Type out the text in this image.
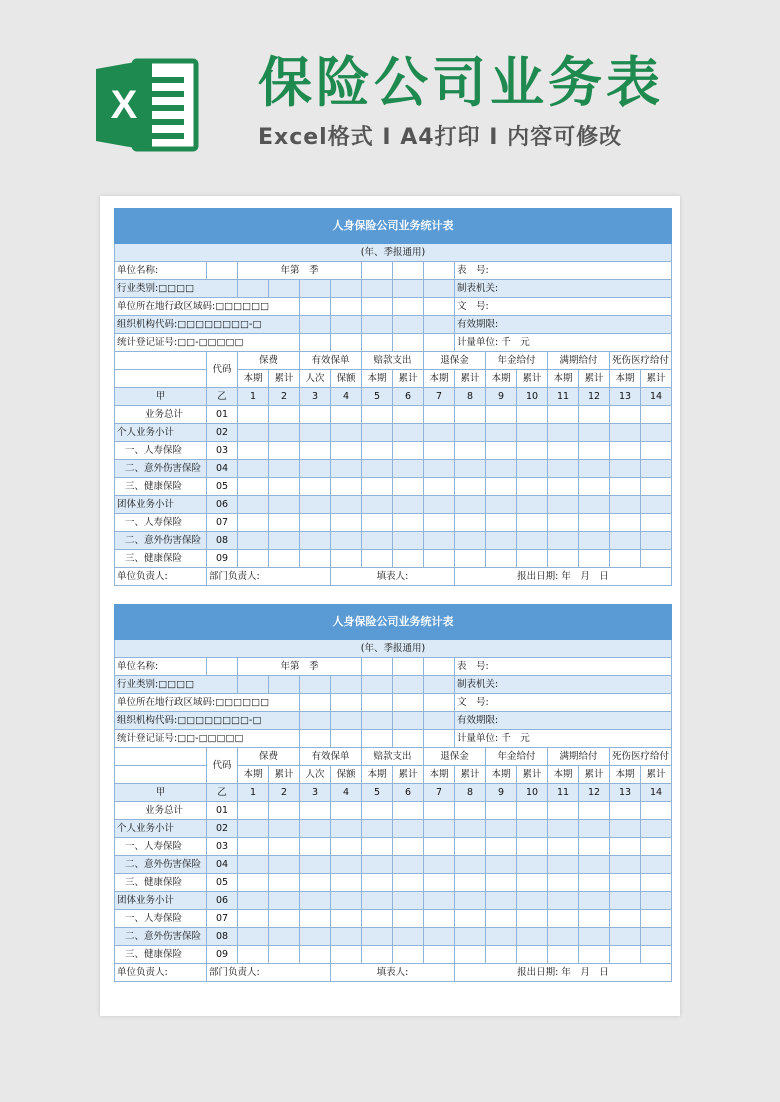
X 保险公司业务表
Excel格式 I A4打印 I 内容可修改
人身保险公司业务统计表															
(年、季报通用)															
单位名称:		年第　季							表　号:						
行业类别:□□□□									制表机关:						
单位所在地行政区域码:□□□□□□									文　号:						
组织机构代码:□□□□□□□□-□									有效期限:						
统计登记证号:□□-□□□□□									计量单位: 千　元						
	代码	保费		有效保单		赔款支出		退保金		年金给付		满期给付		死伤医疗给付	
		本期	累计	人次	保额	本期	累计	本期	累计	本期	累计	本期	累计	本期	累计
甲	乙	1	2	3	4	5	6	7	8	9	10	11	12	13	14
业务总计	01														
个人业务小计	02														
一、人寿保险	03														
二、意外伤害保险	04														
三、健康保险	05														
团体业务小计	06														
一、人寿保险	07														
二、意外伤害保险	08														
三、健康保险	09														
单位负责人:	部门负责人:				填表人:				报出日期: 年　月　日						
人身保险公司业务统计表															
(年、季报通用)															
单位名称:		年第　季							表　号:						
行业类别:□□□□									制表机关:						
单位所在地行政区域码:□□□□□□									文　号:						
组织机构代码:□□□□□□□□-□									有效期限:						
统计登记证号:□□-□□□□□									计量单位: 千　元						
	代码	保费		有效保单		赔款支出		退保金		年金给付		满期给付		死伤医疗给付	
		本期	累计	人次	保额	本期	累计	本期	累计	本期	累计	本期	累计	本期	累计
甲	乙	1	2	3	4	5	6	7	8	9	10	11	12	13	14
业务总计	01														
个人业务小计	02														
一、人寿保险	03														
二、意外伤害保险	04														
三、健康保险	05														
团体业务小计	06														
一、人寿保险	07														
二、意外伤害保险	08														
三、健康保险	09														
单位负责人:	部门负责人:				填表人:				报出日期: 年　月　日						
